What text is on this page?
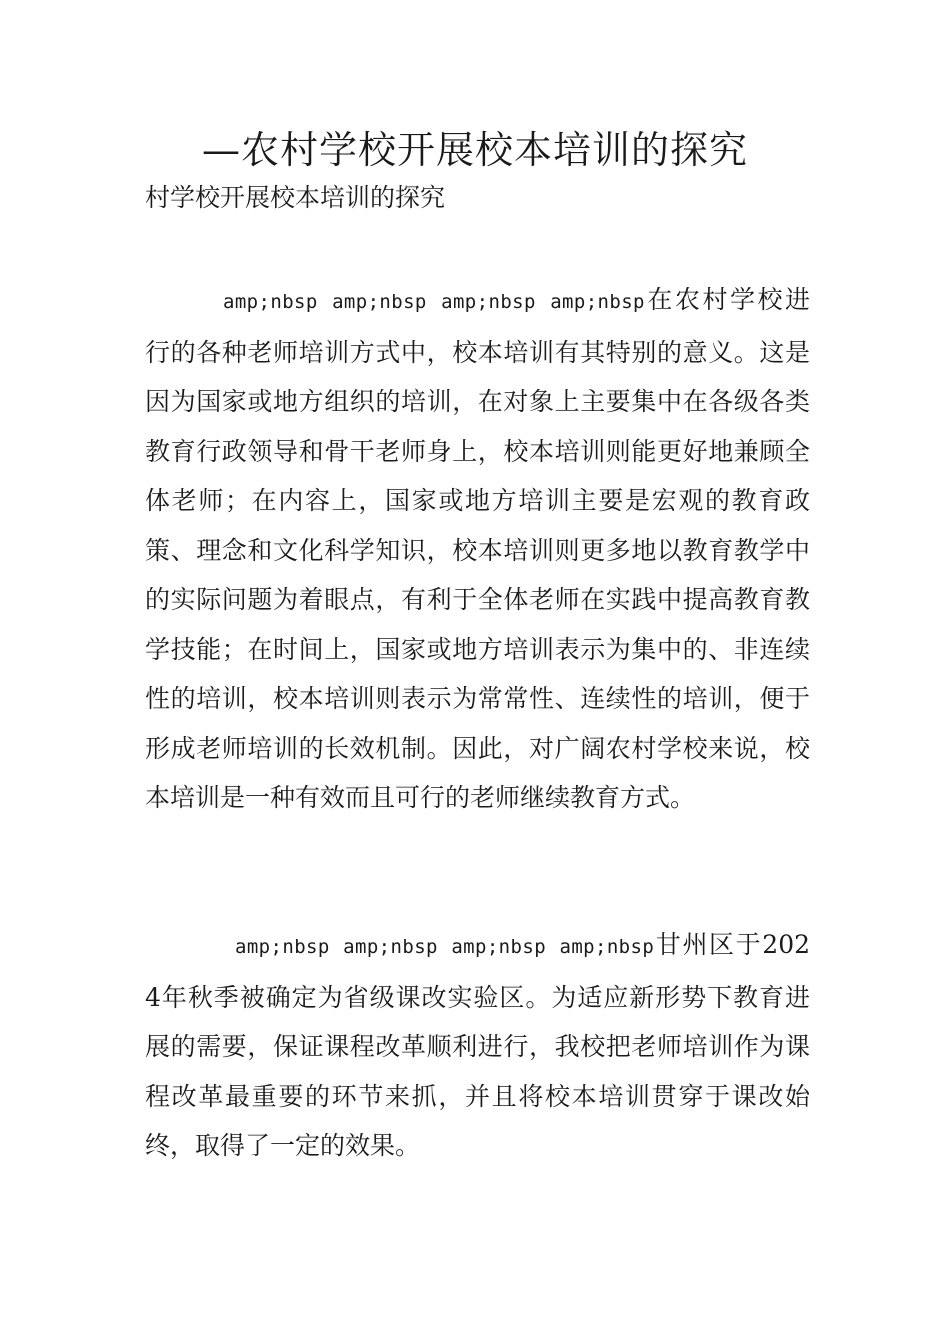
—农村学校开展校本培训的探究

村学校开展校本培训的探究

amp;nbsp amp;nbsp amp;nbsp amp;nbsp在农村学校进行的各种老师培训方式中，校本培训有其特别的意义。这是因为国家或地方组织的培训，在对象上主要集中在各级各类教育行政领导和骨干老师身上，校本培训则能更好地兼顾全体老师；在内容上，国家或地方培训主要是宏观的教育政策、理念和文化科学知识，校本培训则更多地以教育教学中的实际问题为着眼点，有利于全体老师在实践中提高教育教学技能；在时间上，国家或地方培训表示为集中的、非连续性的培训，校本培训则表示为常常性、连续性的培训，便于形成老师培训的长效机制。因此，对广阔农村学校来说，校本培训是一种有效而且可行的老师继续教育方式。

amp;nbsp amp;nbsp amp;nbsp amp;nbsp甘州区于2024年秋季被确定为省级课改实验区。为适应新形势下教育进展的需要，保证课程改革顺利进行，我校把老师培训作为课程改革最重要的环节来抓，并且将校本培训贯穿于课改始终，取得了一定的效果。
